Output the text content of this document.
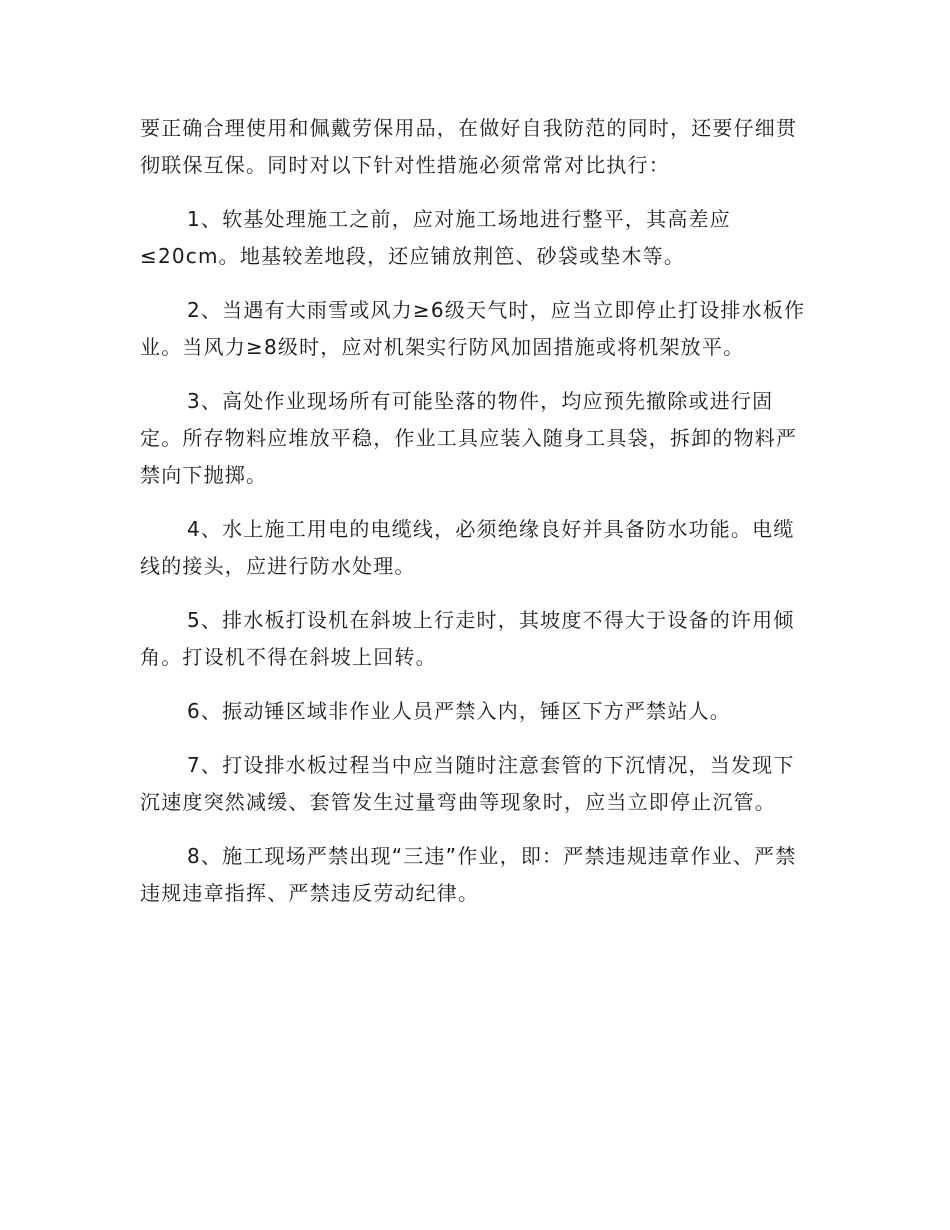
要正确合理使用和佩戴劳保用品，在做好自我防范的同时，还要仔细贯彻联保互保。同时对以下针对性措施必须常常对比执行：

1、软基处理施工之前，应对施工场地进行整平，其高差应
≤20cm。地基较差地段，还应铺放荆笆、砂袋或垫木等。

2、当遇有大雨雪或风力≥6级天气时，应当立即停止打设排水板作业。当风力≥8级时，应对机架实行防风加固措施或将机架放平。

3、高处作业现场所有可能坠落的物件，均应预先撤除或进行固定。所存物料应堆放平稳，作业工具应装入随身工具袋，拆卸的物料严禁向下抛掷。

4、水上施工用电的电缆线，必须绝缘良好并具备防水功能。电缆线的接头，应进行防水处理。

5、排水板打设机在斜坡上行走时，其坡度不得大于设备的许用倾角。打设机不得在斜坡上回转。

6、振动锤区域非作业人员严禁入内，锤区下方严禁站人。

7、打设排水板过程当中应当随时注意套管的下沉情况，当发现下沉速度突然减缓、套管发生过量弯曲等现象时，应当立即停止沉管。

8、施工现场严禁出现“三违”作业，即：严禁违规违章作业、严禁违规违章指挥、严禁违反劳动纪律。
